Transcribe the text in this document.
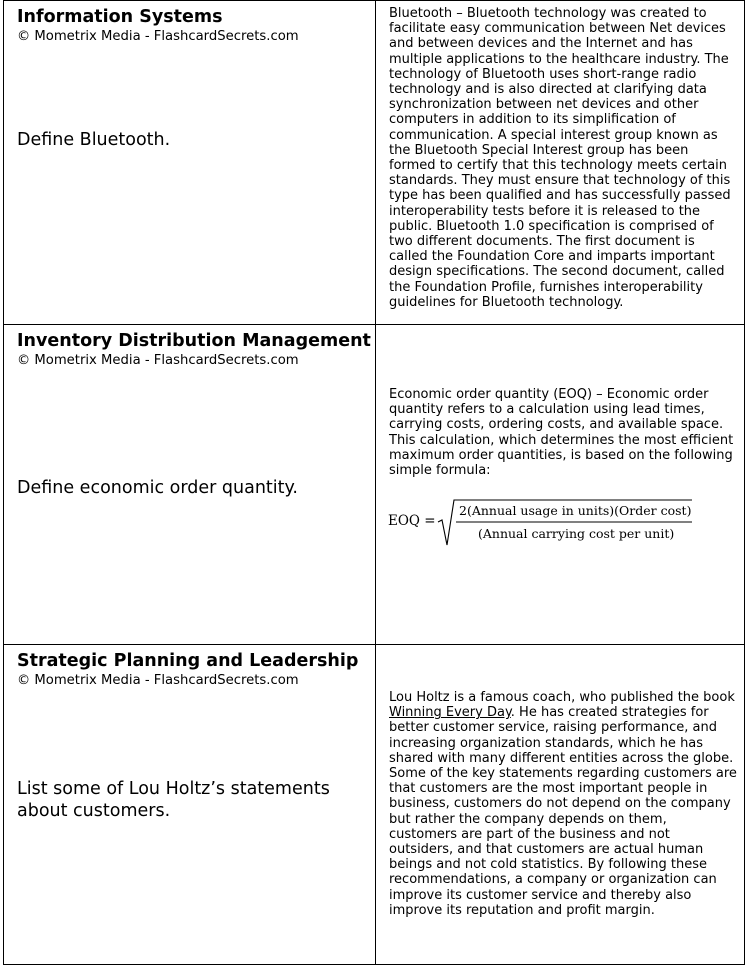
Information Systems
© Mometrix Media - FlashcardSecrets.com
Define Bluetooth.
Bluetooth – Bluetooth technology was created to facilitate easy communication between Net devices and between devices and the Internet and has multiple applications to the healthcare industry. The technology of Bluetooth uses short-range radio technology and is also directed at clarifying data synchronization between net devices and other computers in addition to its simplification of communication. A special interest group known as the Bluetooth Special Interest group has been formed to certify that this technology meets certain standards. They must ensure that technology of this type has been qualified and has successfully passed interoperability tests before it is released to the public. Bluetooth 1.0 specification is comprised of two different documents. The first document is called the Foundation Core and imparts important design specifications. The second document, called the Foundation Profile, furnishes interoperability guidelines for Bluetooth technology.
Inventory Distribution Management
© Mometrix Media - FlashcardSecrets.com
Define economic order quantity.
Economic order quantity (EOQ) – Economic order quantity refers to a calculation using lead times, carrying costs, ordering costs, and available space. This calculation, which determines the most efficient maximum order quantities, is based on the following simple formula:
EOQ =
2(Annual usage in units)(Order cost)
(Annual carrying cost per unit)
Strategic Planning and Leadership
© Mometrix Media - FlashcardSecrets.com
List some of Lou Holtz’s statements about customers.
Lou Holtz is a famous coach, who published the book Winning Every Day. He has created strategies for better customer service, raising performance, and increasing organization standards, which he has shared with many different entities across the globe. Some of the key statements regarding customers are that customers are the most important people in business, customers do not depend on the company but rather the company depends on them, customers are part of the business and not outsiders, and that customers are actual human beings and not cold statistics. By following these recommendations, a company or organization can improve its customer service and thereby also improve its reputation and profit margin.
